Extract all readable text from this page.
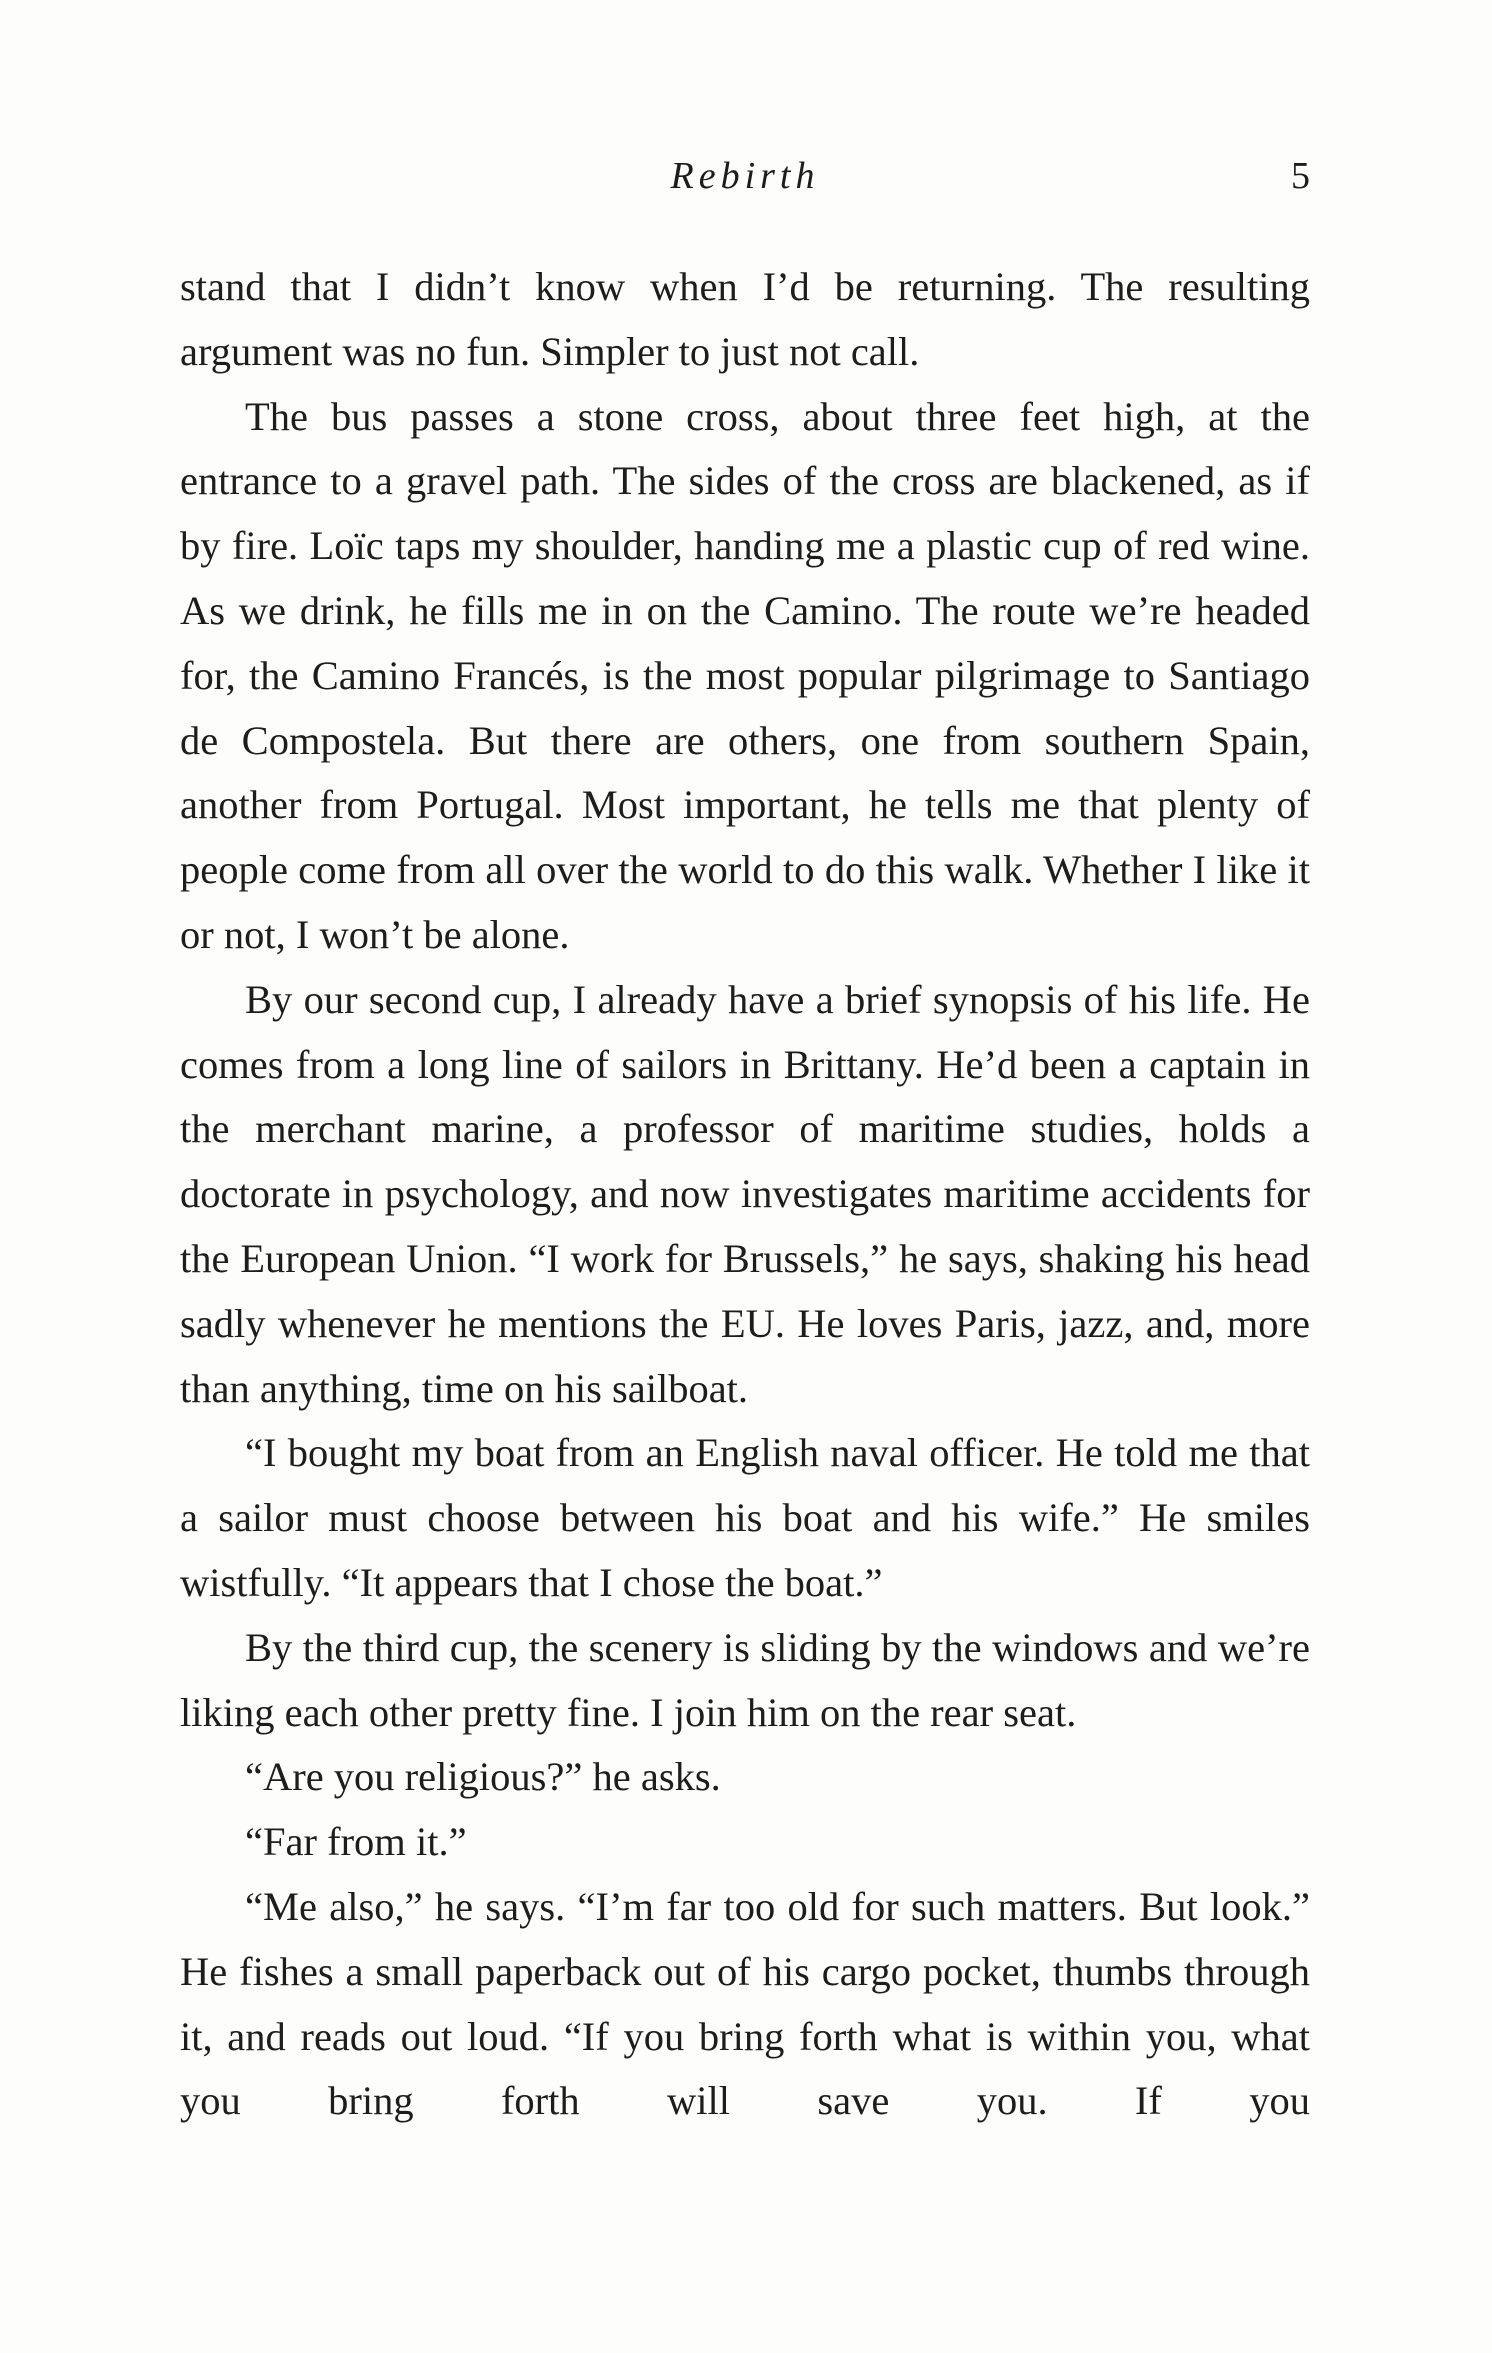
Rebirth	5

stand that I didn’t know when I’d be returning. The resulting argument was no fun. Simpler to just not call.

The bus passes a stone cross, about three feet high, at the entrance to a gravel path. The sides of the cross are blackened, as if by fire. Loïc taps my shoulder, handing me a plastic cup of red wine. As we drink, he fills me in on the Camino. The route we’re headed for, the Camino Francés, is the most popular pilgrimage to Santiago de Compostela. But there are others, one from southern Spain, another from Portugal. Most important, he tells me that plenty of people come from all over the world to do this walk. Whether I like it or not, I won’t be alone.

By our second cup, I already have a brief synopsis of his life. He comes from a long line of sailors in Brittany. He’d been a captain in the merchant marine, a professor of maritime studies, holds a doctorate in psychology, and now investigates maritime accidents for the European Union. “I work for Brussels,” he says, shaking his head sadly whenever he mentions the EU. He loves Paris, jazz, and, more than anything, time on his sailboat.

“I bought my boat from an English naval officer. He told me that a sailor must choose between his boat and his wife.” He smiles wistfully. “It appears that I chose the boat.”

By the third cup, the scenery is sliding by the windows and we’re liking each other pretty fine. I join him on the rear seat.

“Are you religious?” he asks.

“Far from it.”

“Me also,” he says. “I’m far too old for such matters. But look.” He fishes a small paperback out of his cargo pocket, thumbs through it, and reads out loud. “If you bring forth what is within you, what you bring forth will save you. If you
